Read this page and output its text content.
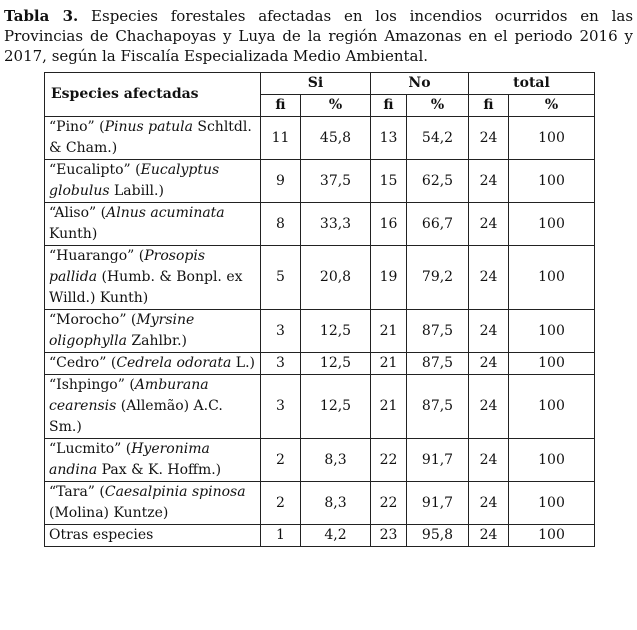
Tabla 3. Especies forestales afectadas en los incendios ocurridos en las Provincias de Chachapoyas y Luya de la región Amazonas en el periodo 2016 y 2017, según la Fiscalía Especializada Medio Ambiental.

Especies afectadas	Si		No		total	
	fi	%	fi	%	fi	%
“Pino” (Pinus patula Schltdl. & Cham.)	11	45,8	13	54,2	24	100
“Eucalipto” (Eucalyptus globulus Labill.)	9	37,5	15	62,5	24	100
“Aliso” (Alnus acuminata Kunth)	8	33,3	16	66,7	24	100
“Huarango” (Prosopis pallida (Humb. & Bonpl. ex Willd.) Kunth)	5	20,8	19	79,2	24	100
“Morocho” (Myrsine oligophylla Zahlbr.)	3	12,5	21	87,5	24	100
“Cedro” (Cedrela odorata L.)	3	12,5	21	87,5	24	100
“Ishpingo” (Amburana cearensis (Allemão) A.C. Sm.)	3	12,5	21	87,5	24	100
“Lucmito” (Hyeronima andina Pax & K. Hoffm.)	2	8,3	22	91,7	24	100
“Tara” (Caesalpinia spinosa (Molina) Kuntze)	2	8,3	22	91,7	24	100
Otras especies	1	4,2	23	95,8	24	100
